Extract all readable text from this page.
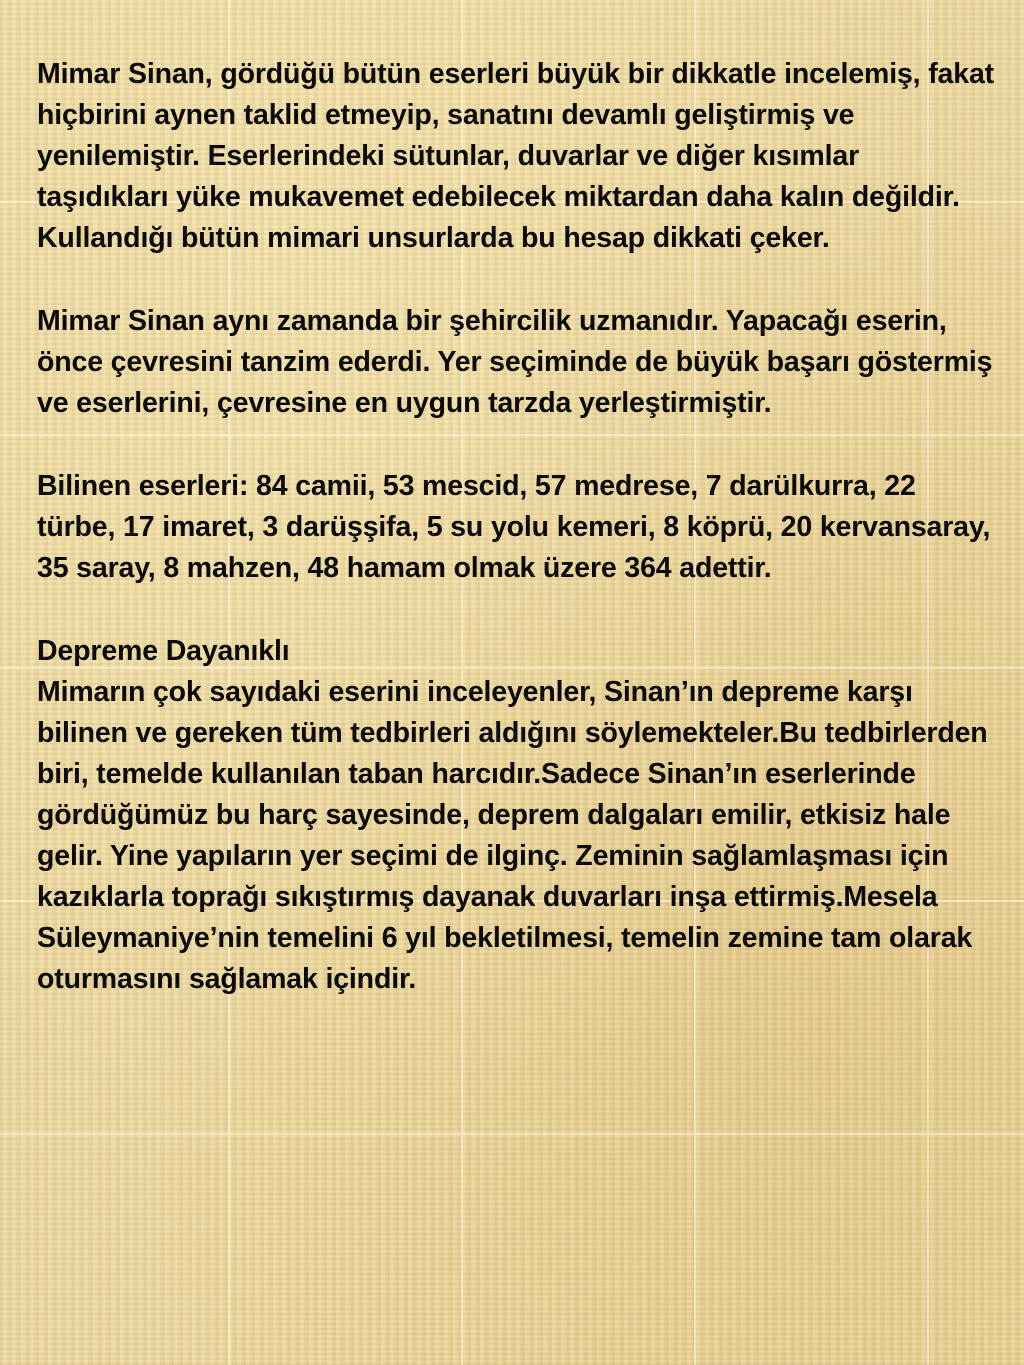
Mimar Sinan, gördüğü bütün eserleri büyük bir dikkatle incelemiş, fakat hiçbirini aynen taklid etmeyip, sanatını devamlı geliştirmiş ve yenilemiştir. Eserlerindeki sütunlar, duvarlar ve diğer kısımlar taşıdıkları yüke mukavemet edebilecek miktardan daha kalın değildir. Kullandığı bütün mimari unsurlarda bu hesap dikkati çeker.

Mimar Sinan aynı zamanda bir şehircilik uzmanıdır. Yapacağı eserin, önce çevresini tanzim ederdi. Yer seçiminde de büyük başarı göstermiş ve eserlerini, çevresine en uygun tarzda yerleştirmiştir.

Bilinen eserleri: 84 camii, 53 mescid, 57 medrese, 7 darülkurra, 22 türbe, 17 imaret, 3 darüşşifa, 5 su yolu kemeri, 8 köprü, 20 kervansaray, 35 saray, 8 mahzen, 48 hamam olmak üzere 364 adettir.

Depreme Dayanıklı

Mimarın çok sayıdaki eserini inceleyenler, Sinan’ın depreme karşı bilinen ve gereken tüm tedbirleri aldığını söylemekteler.Bu tedbirlerden biri, temelde kullanılan taban harcıdır.Sadece Sinan’ın eserlerinde gördüğümüz bu harç sayesinde, deprem dalgaları emilir, etkisiz hale gelir. Yine yapıların yer seçimi de ilginç. Zeminin sağlamlaşması için kazıklarla toprağı sıkıştırmış dayanak duvarları inşa ettirmiş.Mesela Süleymaniye’nin temelini 6 yıl bekletilmesi, temelin zemine tam olarak oturmasını sağlamak içindir.
